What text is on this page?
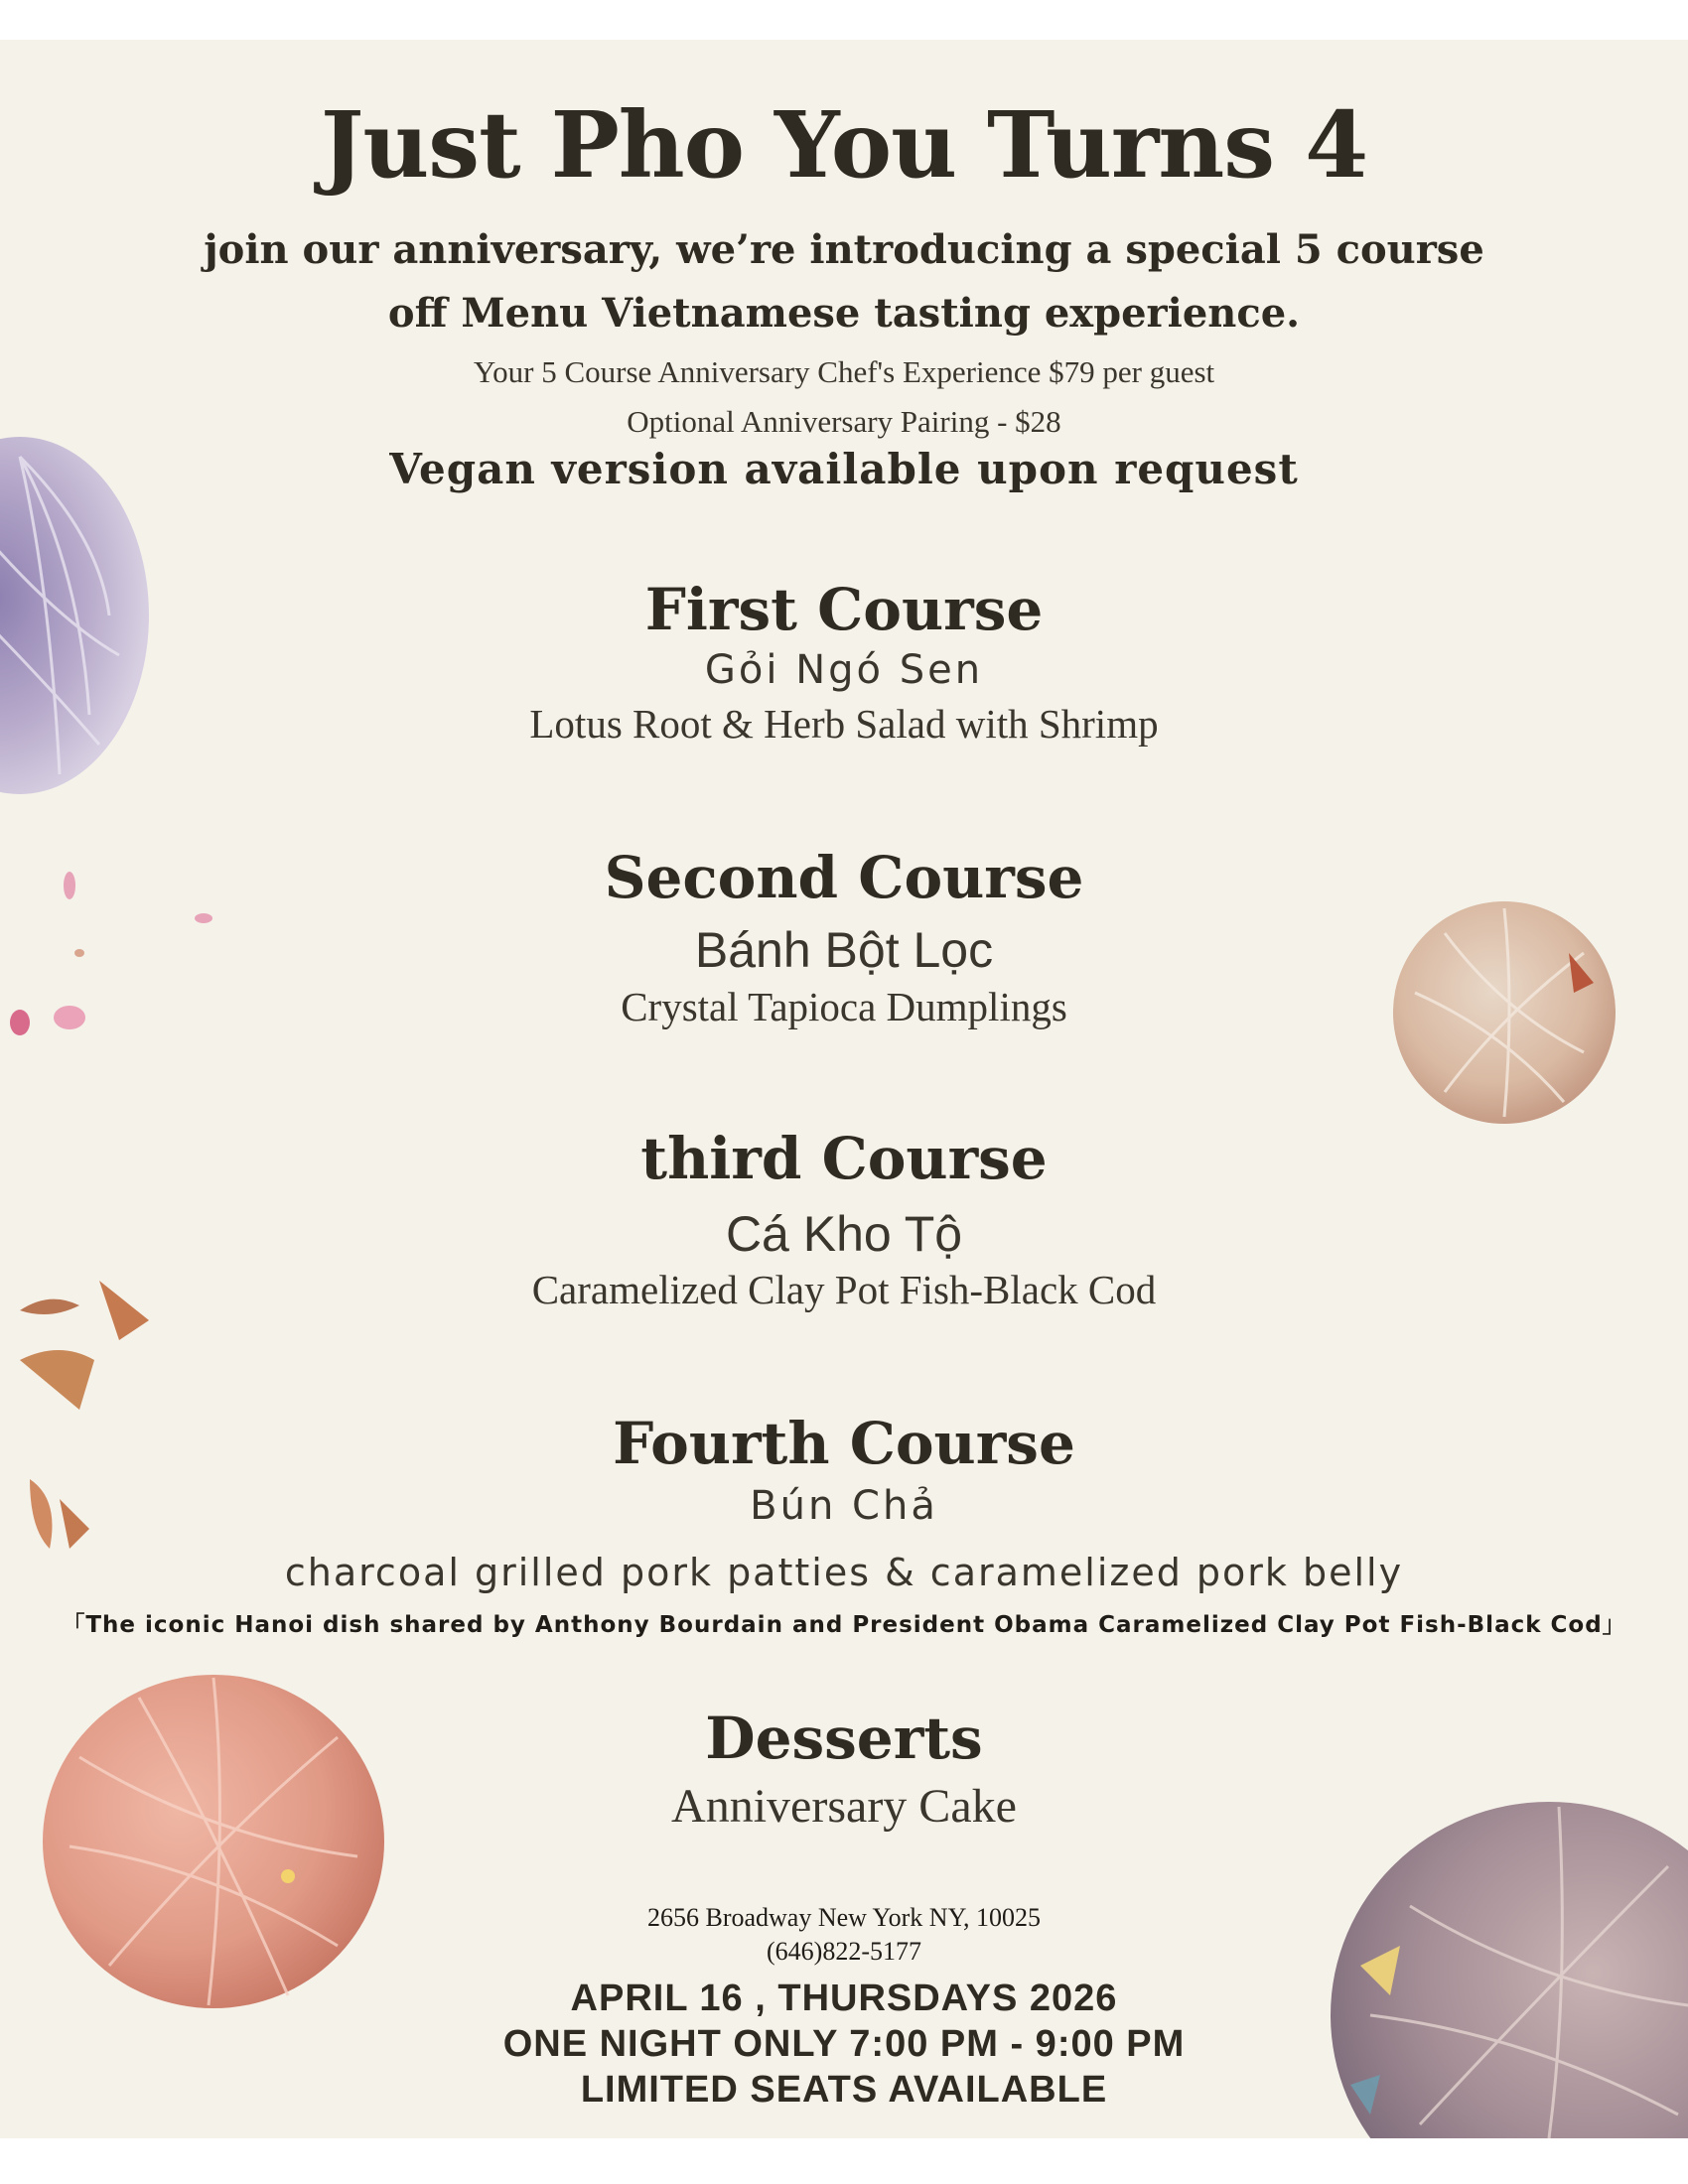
Just Pho You Turns 4
join our anniversary, we’re introducing a special 5 course
off Menu Vietnamese tasting experience.
Your 5 Course Anniversary Chef's Experience $79 per guest
Optional Anniversary Pairing - $28
Vegan version available upon request
First Course
Gỏi Ngó Sen
Lotus Root & Herb Salad with Shrimp
Second Course
Bánh Bột Lọc
Crystal Tapioca Dumplings
third Course
Cá Kho Tộ
Caramelized Clay Pot Fish-Black Cod
Fourth Course
Bún Chả
charcoal grilled pork patties & caramelized pork belly
「The iconic Hanoi dish shared by Anthony Bourdain and President Obama Caramelized Clay Pot Fish-Black Cod」
Desserts
Anniversary Cake
2656 Broadway New York NY, 10025
(646)822-5177
APRIL 16 , THURSDAYS 2026
ONE NIGHT ONLY 7:00 PM - 9:00 PM
LIMITED SEATS AVAILABLE
